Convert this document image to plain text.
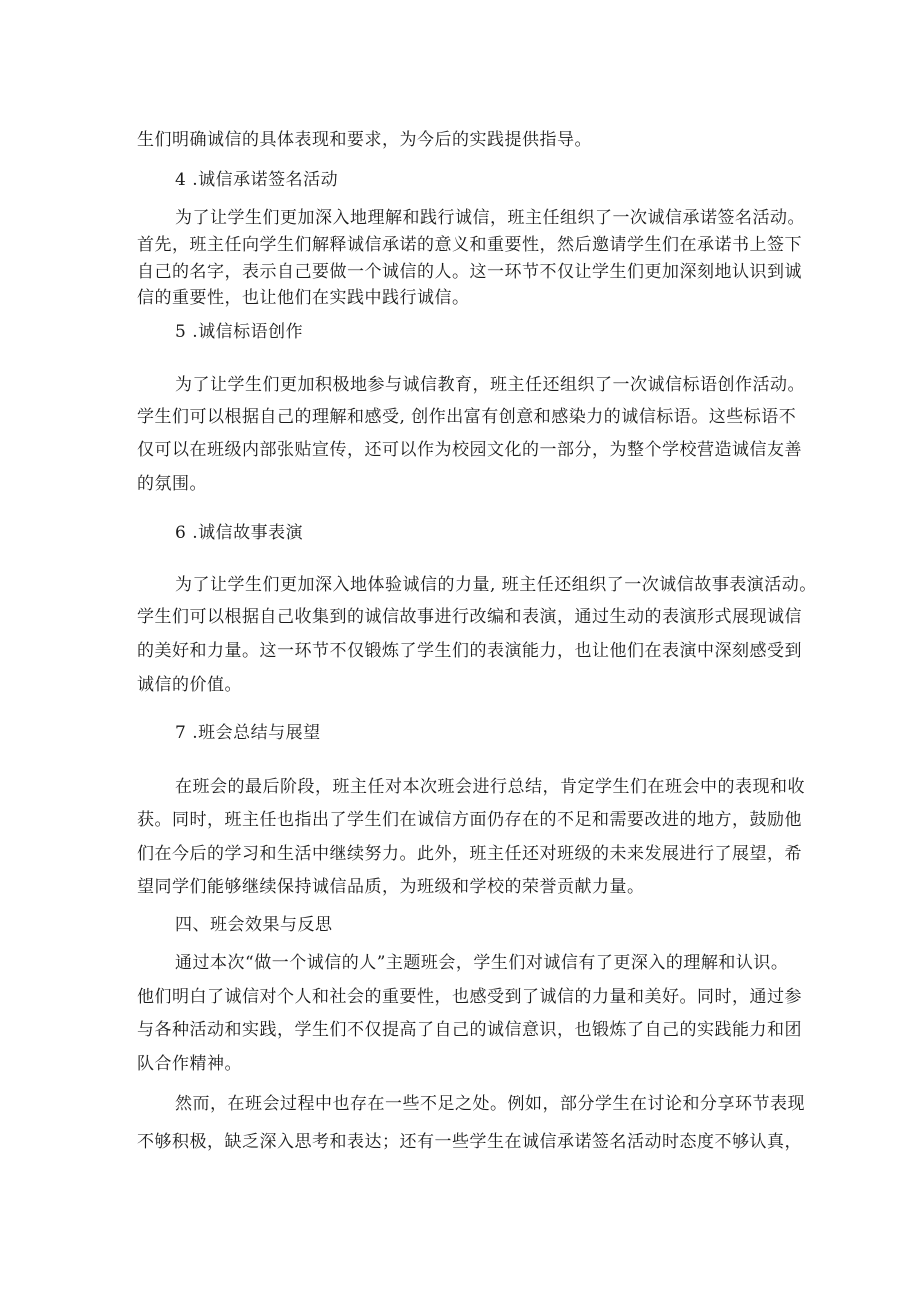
生们明确诚信的具体表现和要求，为今后的实践提供指导。

4 .诚信承诺签名活动

为了让学生们更加深入地理解和践行诚信，班主任组织了一次诚信承诺签名活动。

首先，班主任向学生们解释诚信承诺的意义和重要性，然后邀请学生们在承诺书上签下

自己的名字，表示自己要做一个诚信的人。这一环节不仅让学生们更加深刻地认识到诚

信的重要性，也让他们在实践中践行诚信。

5 .诚信标语创作

为了让学生们更加积极地参与诚信教育，班主任还组织了一次诚信标语创作活动。

学生们可以根据自己的理解和感受, 创作出富有创意和感染力的诚信标语。这些标语不

仅可以在班级内部张贴宣传，还可以作为校园文化的一部分，为整个学校营造诚信友善

的氛围。

6 .诚信故事表演

为了让学生们更加深入地体验诚信的力量, 班主任还组织了一次诚信故事表演活动。

学生们可以根据自己收集到的诚信故事进行改编和表演，通过生动的表演形式展现诚信

的美好和力量。这一环节不仅锻炼了学生们的表演能力，也让他们在表演中深刻感受到

诚信的价值。

7 .班会总结与展望

在班会的最后阶段，班主任对本次班会进行总结，肯定学生们在班会中的表现和收

获。同时，班主任也指出了学生们在诚信方面仍存在的不足和需要改进的地方，鼓励他

们在今后的学习和生活中继续努力。此外，班主任还对班级的未来发展进行了展望，希

望同学们能够继续保持诚信品质，为班级和学校的荣誉贡献力量。

四、班会效果与反思

通过本次“做一个诚信的人”主题班会，学生们对诚信有了更深入的理解和认识。

他们明白了诚信对个人和社会的重要性，也感受到了诚信的力量和美好。同时，通过参

与各种活动和实践，学生们不仅提高了自己的诚信意识，也锻炼了自己的实践能力和团

队合作精神。

然而，在班会过程中也存在一些不足之处。例如，部分学生在讨论和分享环节表现

不够积极，缺乏深入思考和表达；还有一些学生在诚信承诺签名活动时态度不够认真，
